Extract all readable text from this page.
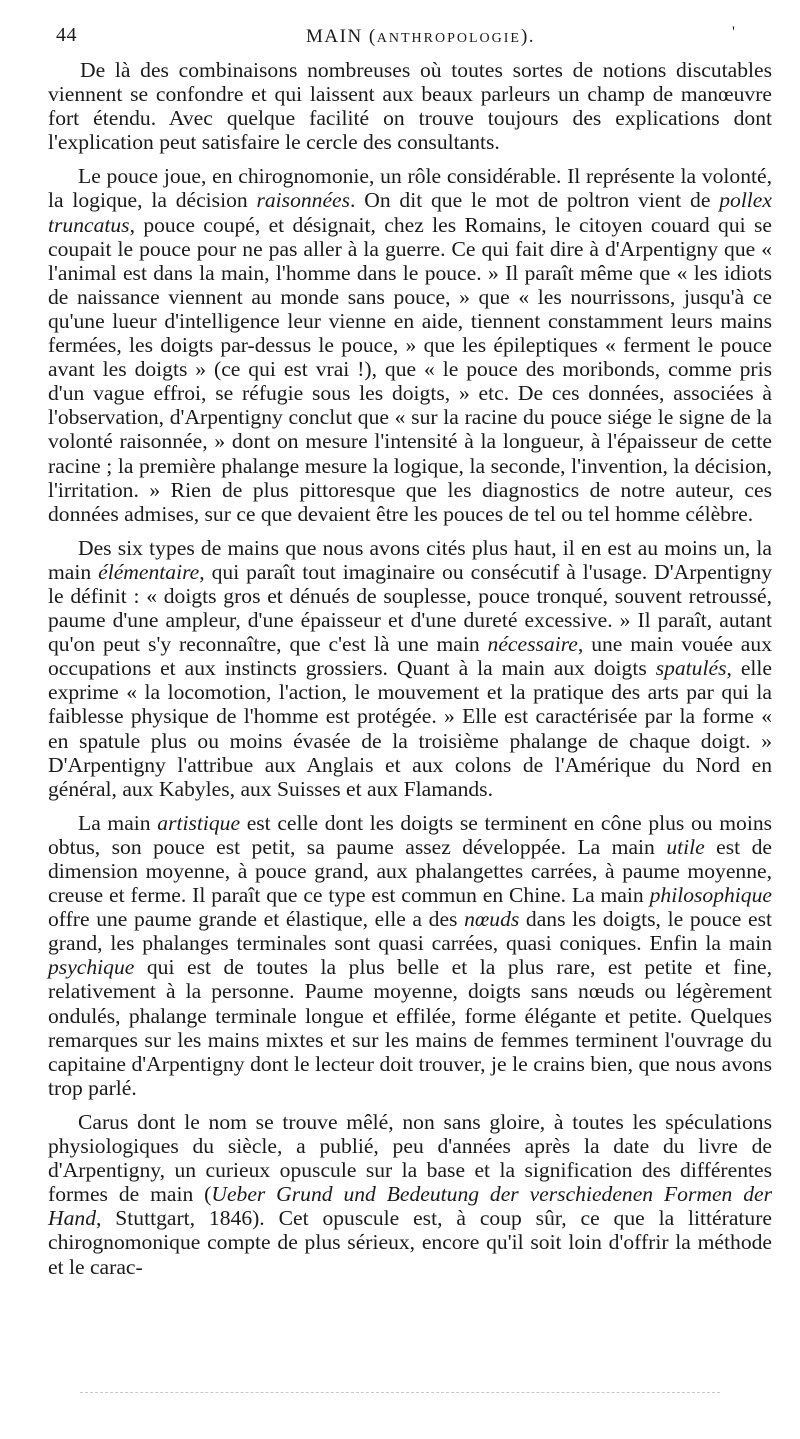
44	MAIN (ANTHROPOLOGIE).	'

De là des combinaisons nombreuses où toutes sortes de notions discutables viennent se confondre et qui laissent aux beaux parleurs un champ de manœuvre fort étendu. Avec quelque facilité on trouve toujours des explications dont l'explication peut satisfaire le cercle des consultants.

Le pouce joue, en chirognomonie, un rôle considérable. Il représente la volonté, la logique, la décision raisonnées. On dit que le mot de poltron vient de pollex truncatus, pouce coupé, et désignait, chez les Romains, le citoyen couard qui se coupait le pouce pour ne pas aller à la guerre. Ce qui fait dire à d'Arpentigny que « l'animal est dans la main, l'homme dans le pouce. » Il paraît même que « les idiots de naissance viennent au monde sans pouce, » que « les nourrissons, jusqu'à ce qu'une lueur d'intelligence leur vienne en aide, tiennent constamment leurs mains fermées, les doigts par-dessus le pouce, » que les épileptiques « ferment le pouce avant les doigts » (ce qui est vrai !), que « le pouce des moribonds, comme pris d'un vague effroi, se réfugie sous les doigts, » etc. De ces données, associées à l'observation, d'Arpentigny conclut que « sur la racine du pouce siége le signe de la volonté raisonnée, » dont on mesure l'intensité à la longueur, à l'épaisseur de cette racine ; la première phalange mesure la logique, la seconde, l'invention, la décision, l'irritation. » Rien de plus pittoresque que les diagnostics de notre auteur, ces données admises, sur ce que devaient être les pouces de tel ou tel homme célèbre.

Des six types de mains que nous avons cités plus haut, il en est au moins un, la main élémentaire, qui paraît tout imaginaire ou consécutif à l'usage. D'Arpentigny le définit : « doigts gros et dénués de souplesse, pouce tronqué, souvent retroussé, paume d'une ampleur, d'une épaisseur et d'une dureté excessive. » Il paraît, autant qu'on peut s'y reconnaître, que c'est là une main nécessaire, une main vouée aux occupations et aux instincts grossiers. Quant à la main aux doigts spatulés, elle exprime « la locomotion, l'action, le mouvement et la pratique des arts par qui la faiblesse physique de l'homme est protégée. » Elle est caractérisée par la forme « en spatule plus ou moins évasée de la troisième phalange de chaque doigt. » D'Arpentigny l'attribue aux Anglais et aux colons de l'Amérique du Nord en général, aux Kabyles, aux Suisses et aux Flamands.

La main artistique est celle dont les doigts se terminent en cône plus ou moins obtus, son pouce est petit, sa paume assez développée. La main utile est de dimension moyenne, à pouce grand, aux phalangettes carrées, à paume moyenne, creuse et ferme. Il paraît que ce type est commun en Chine. La main philosophique offre une paume grande et élastique, elle a des nœuds dans les doigts, le pouce est grand, les phalanges terminales sont quasi carrées, quasi coniques. Enfin la main psychique qui est de toutes la plus belle et la plus rare, est petite et fine, relativement à la personne. Paume moyenne, doigts sans nœuds ou légèrement ondulés, phalange terminale longue et effilée, forme élégante et petite. Quelques remarques sur les mains mixtes et sur les mains de femmes terminent l'ouvrage du capitaine d'Arpentigny dont le lecteur doit trouver, je le crains bien, que nous avons trop parlé.

Carus dont le nom se trouve mêlé, non sans gloire, à toutes les spéculations physiologiques du siècle, a publié, peu d'années après la date du livre de d'Arpentigny, un curieux opuscule sur la base et la signification des différentes formes de main (Ueber Grund und Bedeutung der verschiedenen Formen der Hand, Stuttgart, 1846). Cet opuscule est, à coup sûr, ce que la littérature chirognomonique compte de plus sérieux, encore qu'il soit loin d'offrir la méthode et le carac-
